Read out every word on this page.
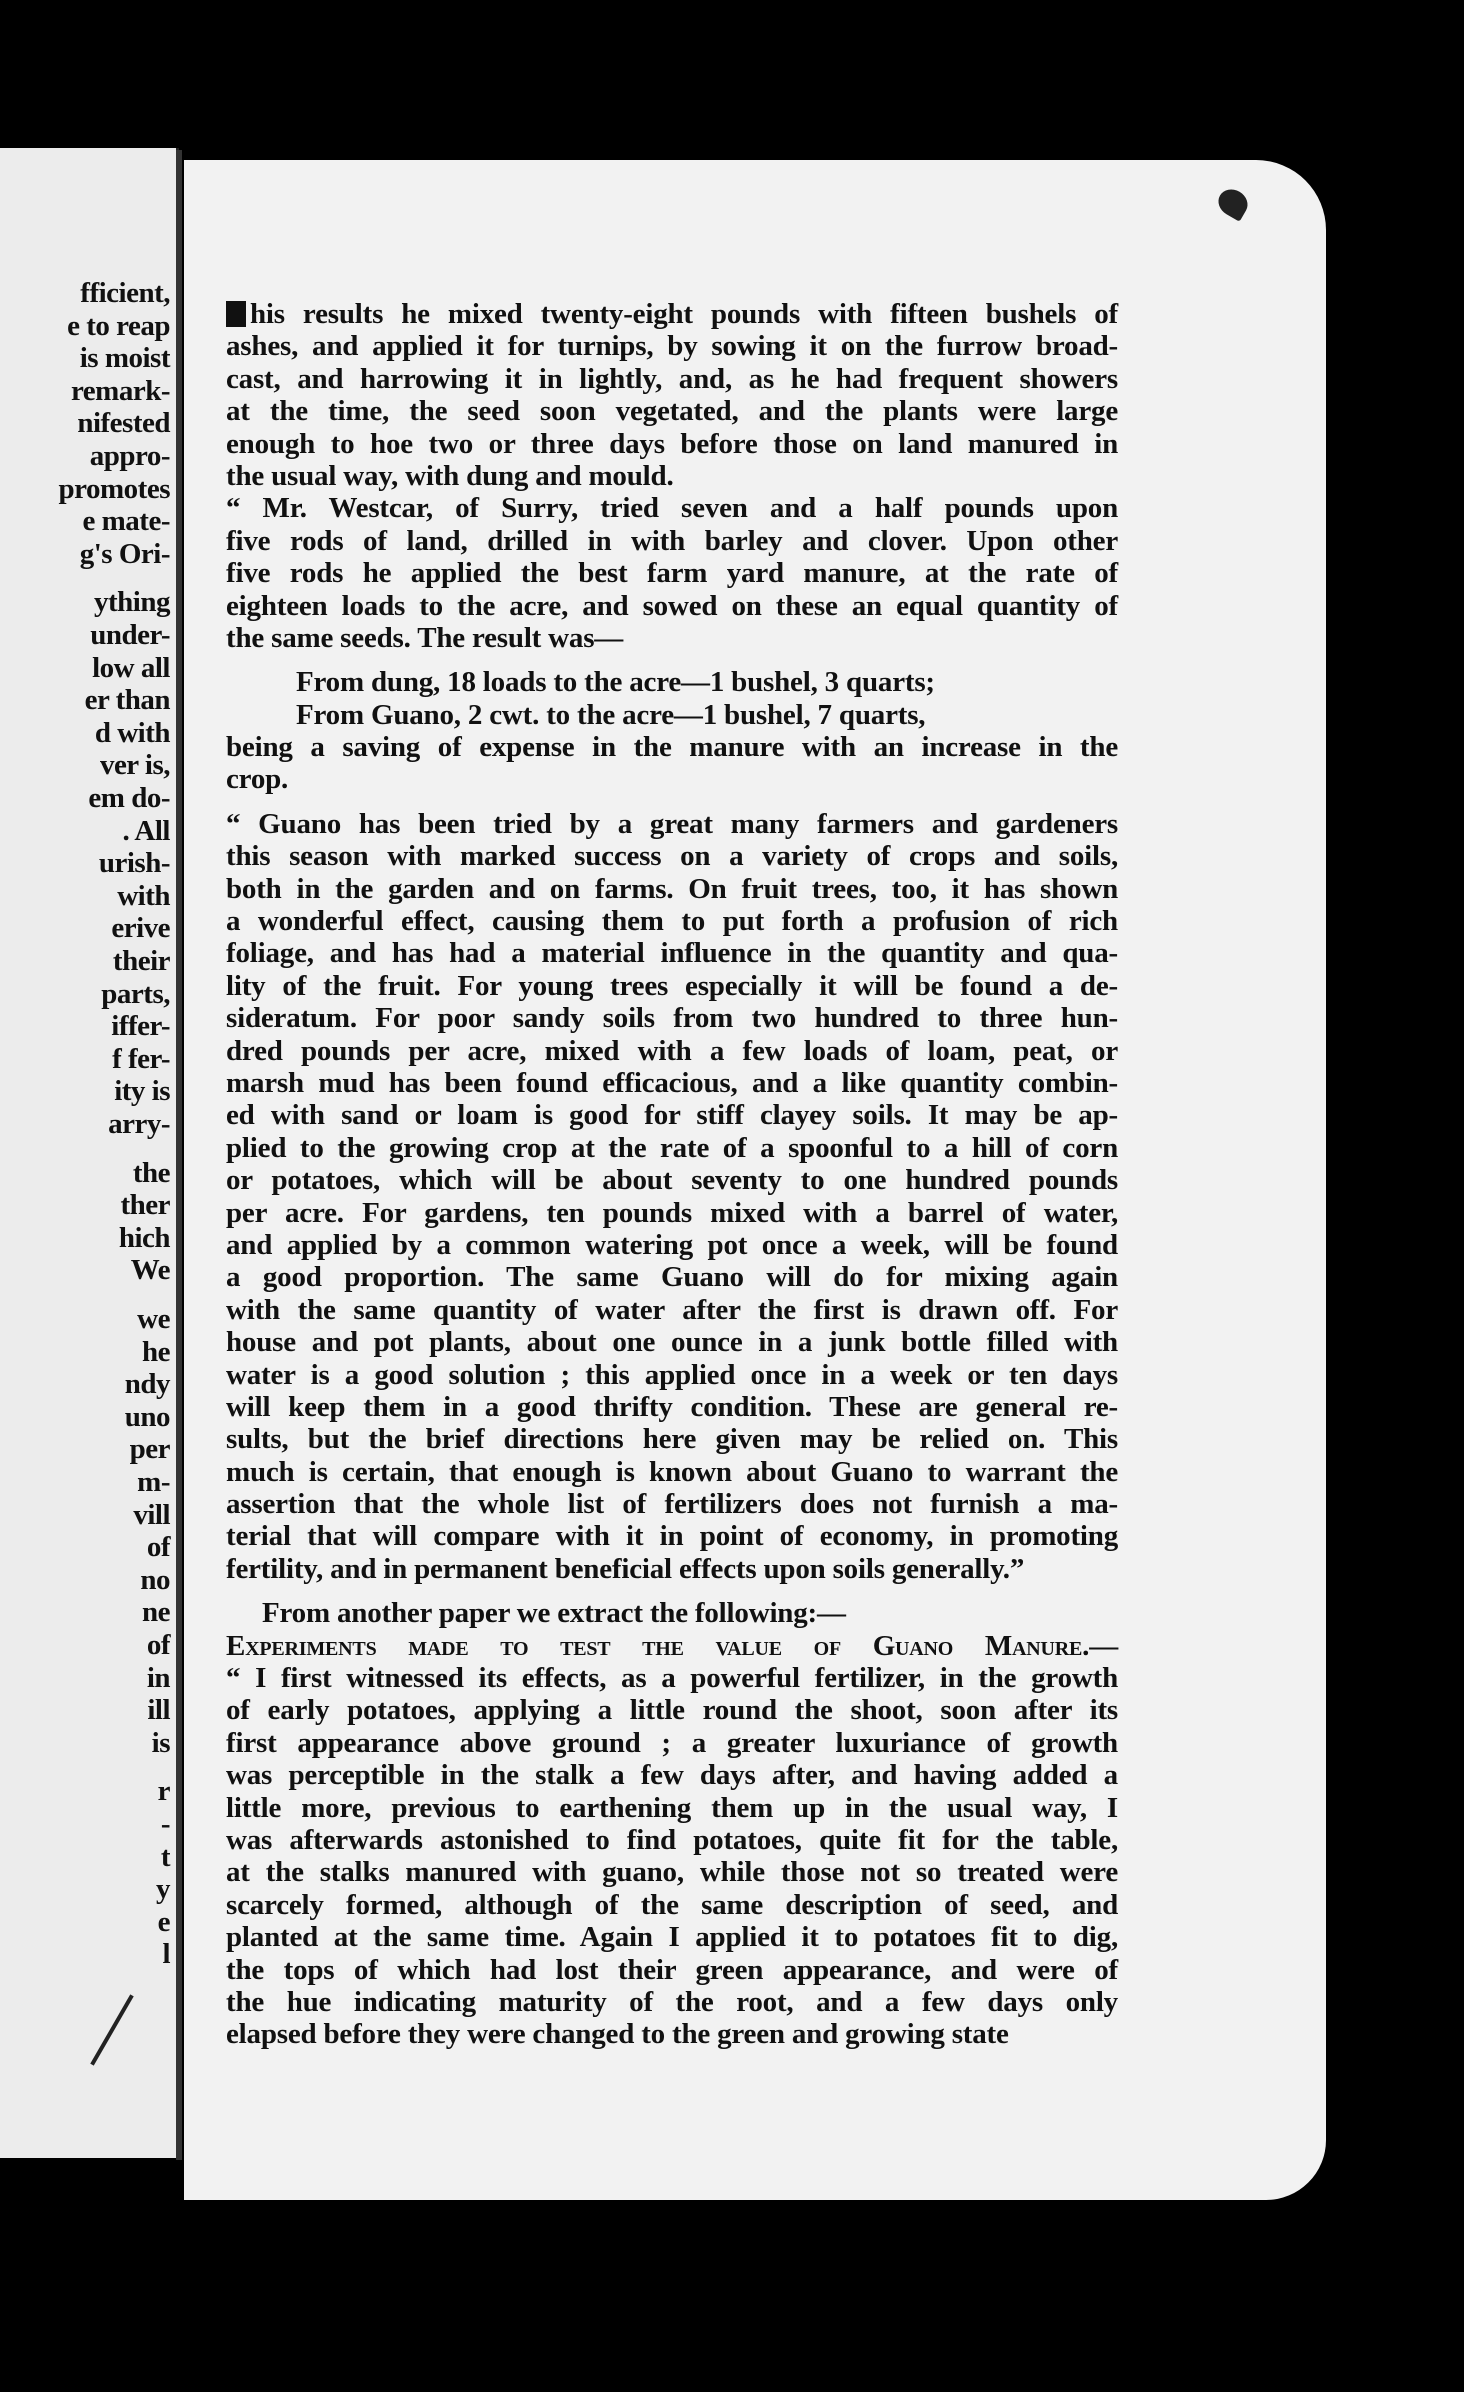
fficient,
e to reap
is moist
remark-
nifested
appro-
promotes
e mate-
g's Ori-
ything
under-
low all
er than
d with
ver is,
em do-
. All
urish-
with
erive
their
parts,
iffer-
f fer-
ity is
arry-
the
ther
hich
We
we
he
ndy
uno
per
m-
vill
of
no
ne
of
in
ill
is
r
-
t
y
e
l
his results he mixed twenty-eight pounds with fifteen bushels of
ashes, and applied it for turnips, by sowing it on the furrow broad-
cast, and harrowing it in lightly, and, as he had frequent showers
at the time, the seed soon vegetated, and the plants were large
enough to hoe two or three days before those on land manured in
the usual way, with dung and mould.
“ Mr. Westcar, of Surry, tried seven and a half pounds upon
five rods of land, drilled in with barley and clover. Upon other
five rods he applied the best farm yard manure, at the rate of
eighteen loads to the acre, and sowed on these an equal quantity of
the same seeds. The result was—
From dung, 18 loads to the acre—1 bushel, 3 quarts;
From Guano, 2 cwt. to the acre—1 bushel, 7 quarts,
being a saving of expense in the manure with an increase in the
crop.
“ Guano has been tried by a great many farmers and gardeners
this season with marked success on a variety of crops and soils,
both in the garden and on farms. On fruit trees, too, it has shown
a wonderful effect, causing them to put forth a profusion of rich
foliage, and has had a material influence in the quantity and qua-
lity of the fruit. For young trees especially it will be found a de-
sideratum. For poor sandy soils from two hundred to three hun-
dred pounds per acre, mixed with a few loads of loam, peat, or
marsh mud has been found efficacious, and a like quantity combin-
ed with sand or loam is good for stiff clayey soils. It may be ap-
plied to the growing crop at the rate of a spoonful to a hill of corn
or potatoes, which will be about seventy to one hundred pounds
per acre. For gardens, ten pounds mixed with a barrel of water,
and applied by a common watering pot once a week, will be found
a good proportion. The same Guano will do for mixing again
with the same quantity of water after the first is drawn off. For
house and pot plants, about one ounce in a junk bottle filled with
water is a good solution ; this applied once in a week or ten days
will keep them in a good thrifty condition. These are general re-
sults, but the brief directions here given may be relied on. This
much is certain, that enough is known about Guano to warrant the
assertion that the whole list of fertilizers does not furnish a ma-
terial that will compare with it in point of economy, in promoting
fertility, and in permanent beneficial effects upon soils generally.”
From another paper we extract the following:—
Experiments made to test the value of Guano Manure.—
“ I first witnessed its effects, as a powerful fertilizer, in the growth
of early potatoes, applying a little round the shoot, soon after its
first appearance above ground ; a greater luxuriance of growth
was perceptible in the stalk a few days after, and having added a
little more, previous to earthening them up in the usual way, I
was afterwards astonished to find potatoes, quite fit for the table,
at the stalks manured with guano, while those not so treated were
scarcely formed, although of the same description of seed, and
planted at the same time. Again I applied it to potatoes fit to dig,
the tops of which had lost their green appearance, and were of
the hue indicating maturity of the root, and a few days only
elapsed before they were changed to the green and growing state
